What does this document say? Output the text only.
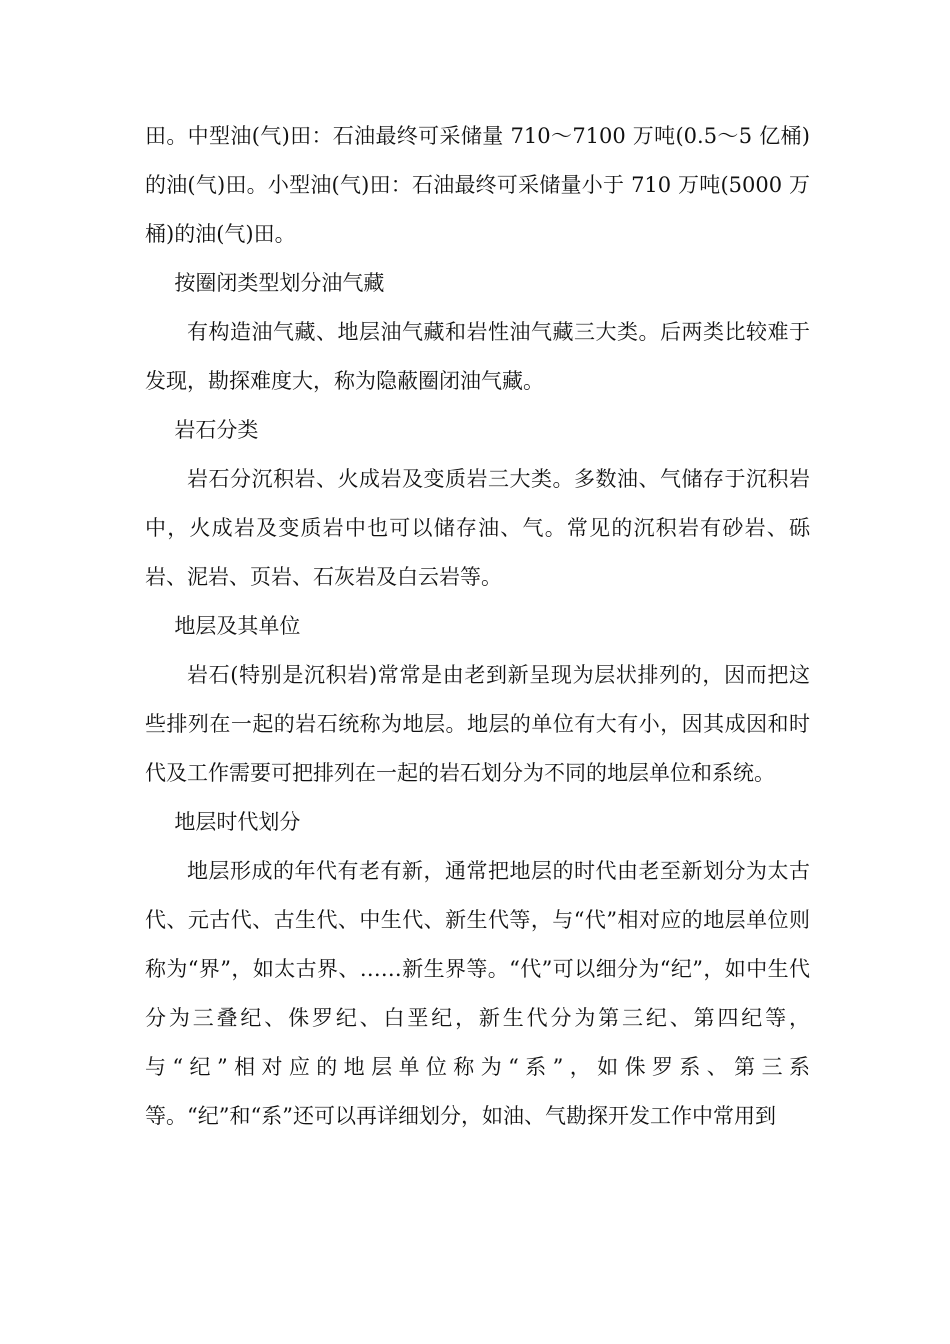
田。中型油(气)田：石油最终可采储量 710～7100 万吨(0.5～5 亿桶)的油(气)田。小型油(气)田：石油最终可采储量小于 710 万吨(5000 万桶)的油(气)田。

按圈闭类型划分油气藏

有构造油气藏、地层油气藏和岩性油气藏三大类。后两类比较难于发现，勘探难度大，称为隐蔽圈闭油气藏。

岩石分类

岩石分沉积岩、火成岩及变质岩三大类。多数油、气储存于沉积岩中，火成岩及变质岩中也可以储存油、气。常见的沉积岩有砂岩、砾岩、泥岩、页岩、石灰岩及白云岩等。

地层及其单位

岩石(特别是沉积岩)常常是由老到新呈现为层状排列的，因而把这些排列在一起的岩石统称为地层。地层的单位有大有小，因其成因和时代及工作需要可把排列在一起的岩石划分为不同的地层单位和系统。

地层时代划分

地层形成的年代有老有新，通常把地层的时代由老至新划分为太古代、元古代、古生代、中生代、新生代等，与“代”相对应的地层单位则称为“界”，如太古界、……新生界等。“代”可以细分为“纪”，如中生代分为三叠纪、侏罗纪、白垩纪，新生代分为第三纪、第四纪等，与“纪”相对应的地层单位称为“系”，如侏罗系、第三系等。“纪”和“系”还可以再详细划分，如油、气勘探开发工作中常用到
